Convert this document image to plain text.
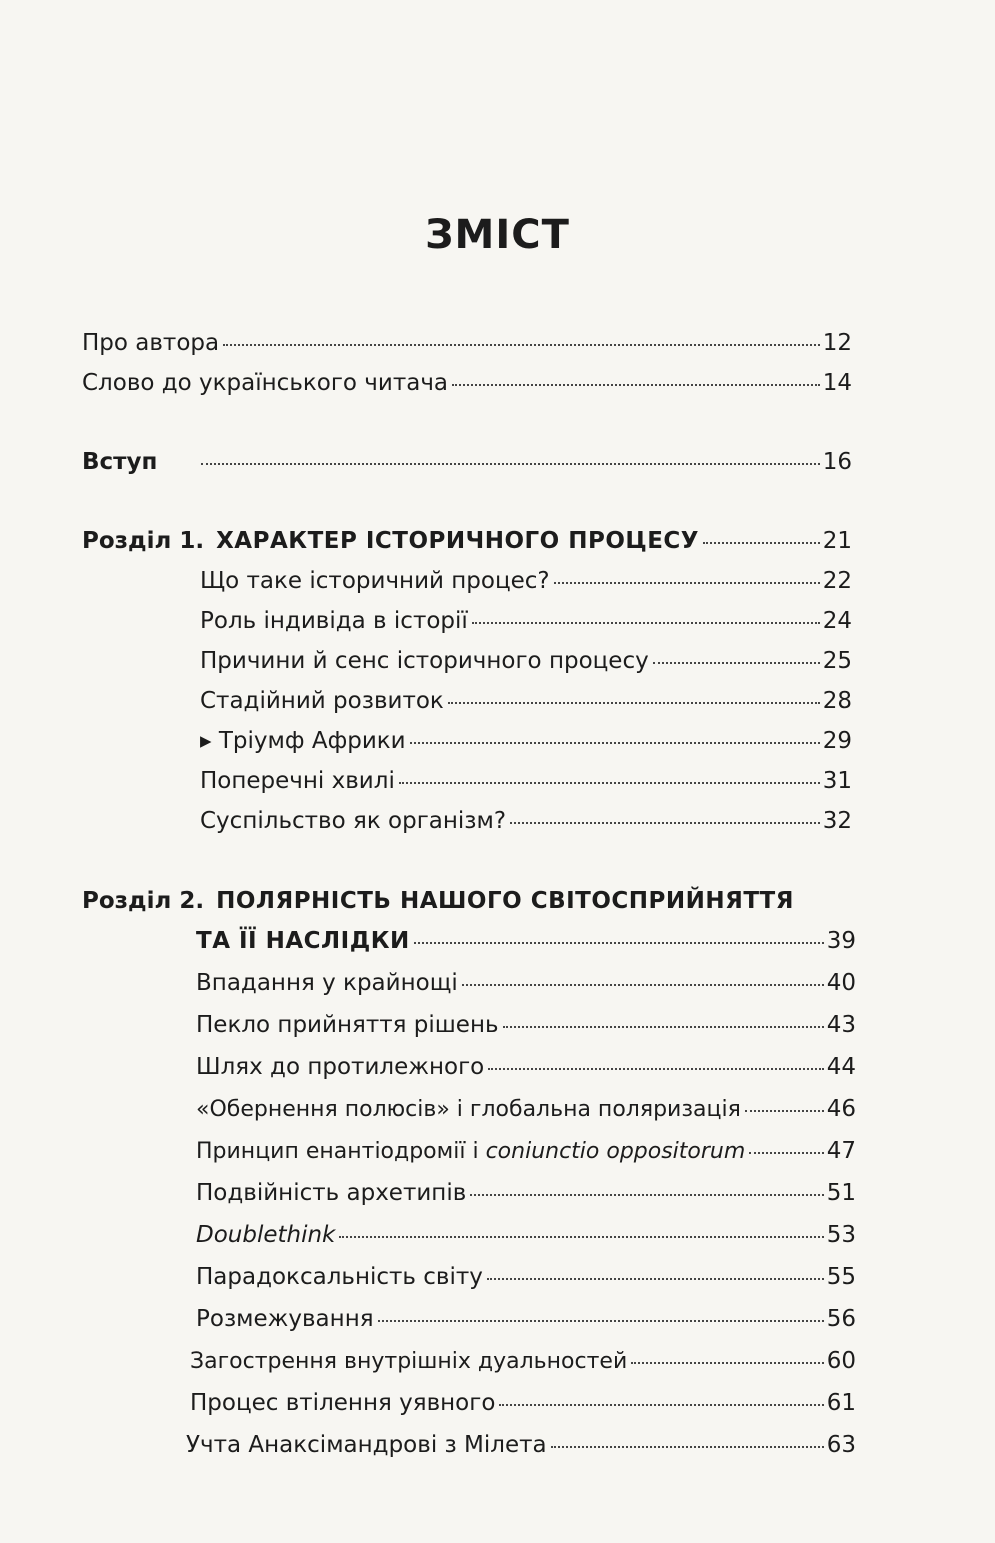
ЗМІСТ
Про автора	12
Слово до українського читача	14
Вступ	16
Розділ 1. ХАРАКТЕР ІСТОРИЧНОГО ПРОЦЕСУ	21
Що таке історичний процес?	22
Роль індивіда в історії	24
Причини й сенс історичного процесу	25
Стадійний розвиток	28
▸ Тріумф Африки	29
Поперечні хвилі	31
Суспільство як організм?	32
Розділ 2. ПОЛЯРНІСТЬ НАШОГО СВІТОСПРИЙНЯТТЯ
ТА ЇЇ НАСЛІДКИ	39
Впадання у крайнощі	40
Пекло прийняття рішень	43
Шлях до протилежного	44
«Обернення полюсів» і глобальна поляризація	46
Принцип енантіодромії і coniunctio oppositorum	47
Подвійність архетипів	51
Doublethink	53
Парадоксальність світу	55
Розмежування	56
Загострення внутрішніх дуальностей	60
Процес втілення уявного	61
Учта Анаксімандрові з Мілета	63
